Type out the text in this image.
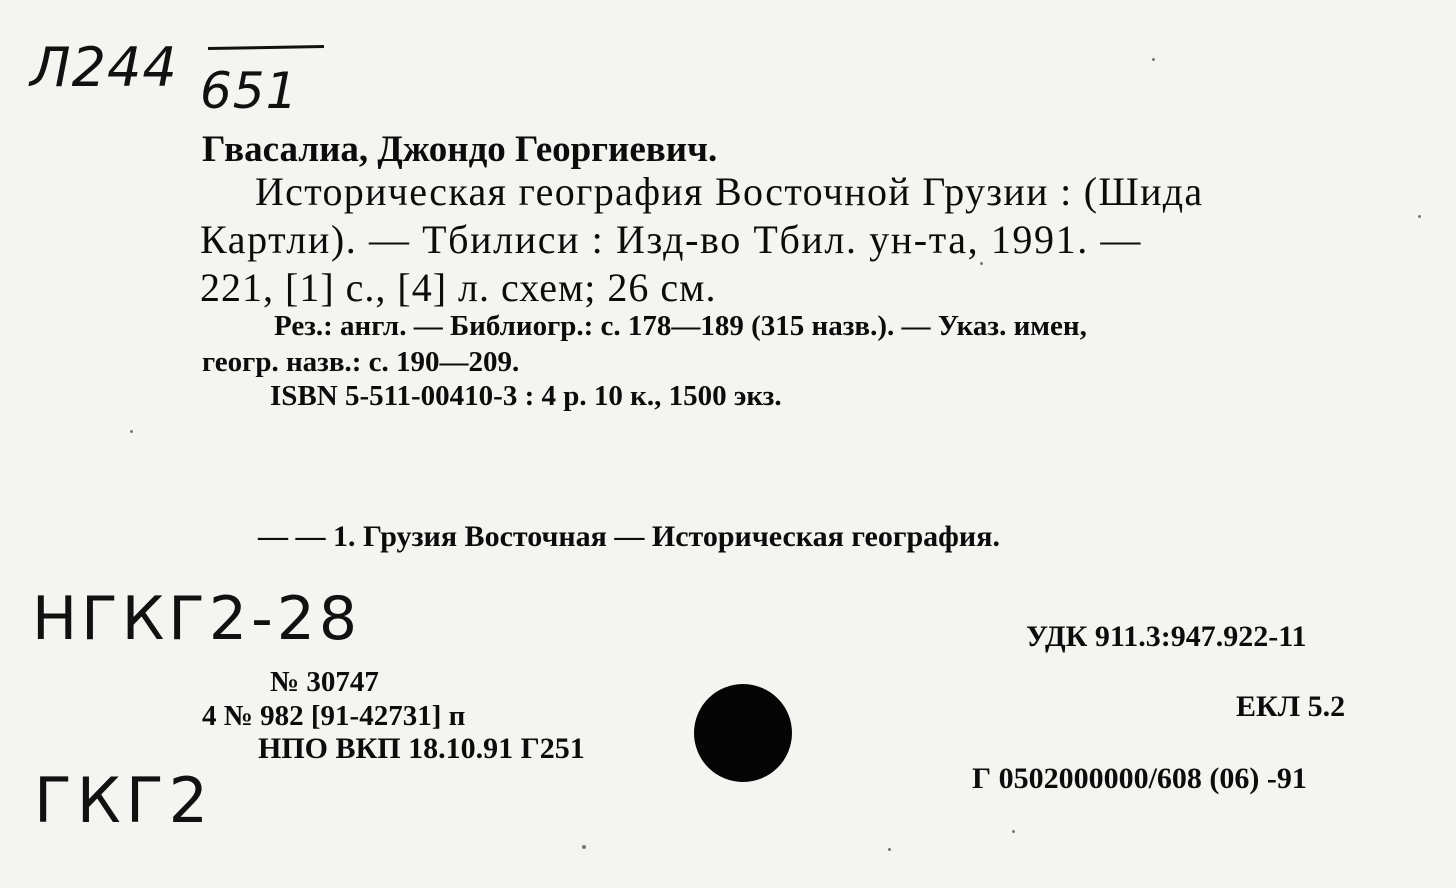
Л244 651
Гвасалиа, Джондо Георгиевич.
Историческая география Восточной Грузии : (Шида
Картли). — Тбилиси : Изд-во Тбил. ун-та, 1991. —
221, [1] с., [4] л. схем; 26 см.
Рез.: англ. — Библиогр.: с. 178—189 (315 назв.). — Указ. имен,
геогр. назв.: с. 190—209.
ISBN 5-511-00410-3 : 4 р. 10 к., 1500 экз.
— — 1. Грузия Восточная — Историческая география.
НГКГ2-28
ГКГ2
№ 30747
4 № 982 [91-42731] п
НПО ВКП 18.10.91 Г251
УДК 911.3:947.922-11
ЕКЛ 5.2
Г 0502000000/608 (06) -91
